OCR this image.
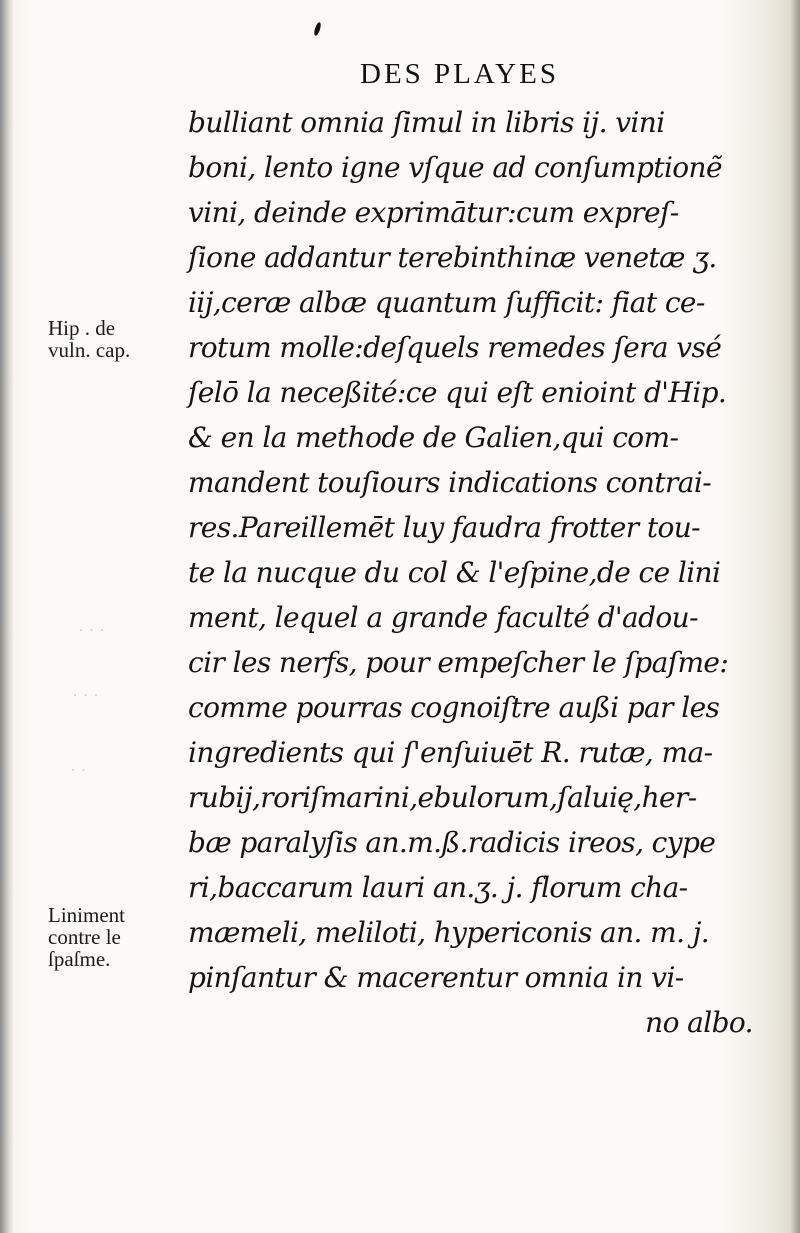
DES PLAYES
Hip . de
vuln. cap.
Liniment
contre le
ſpaſme.
· · ·
· · ·
· ·
bulliant omnia ſimul in libris ij. vini
boni, lento igne vſque ad conſumptionẽ
vini, deinde exprimātur:cum expreſ-
ſione addantur terebinthinæ venetæ ʒ.
iij,ceræ albæ quantum ſufficit: fiat ce-
rotum molle:deſquels remedes ſera vsé
ſelō la neceßité:ce qui eſt enioint d'Hip.
& en la methode de Galien,qui com-
mandent touſiours indications contrai-
res.Pareillemēt luy faudra frotter tou-
te la nucque du col & l'eſpine,de ce lini
ment, lequel a grande faculté d'adou-
cir les nerfs, pour empeſcher le ſpaſme:
comme pourras cognoiſtre außi par les
ingredients qui ſ'enſuiuēt R. rutæ, ma-
rubij,roriſmarini,ebulorum,ſaluię,her-
bæ paralyſis an.m.ß.radicis ireos, cype
ri,baccarum lauri an.ʒ. j. florum cha-
mæmeli, meliloti, hypericonis an. m. j.
pinſantur & macerentur omnia in vi-
no albo.
